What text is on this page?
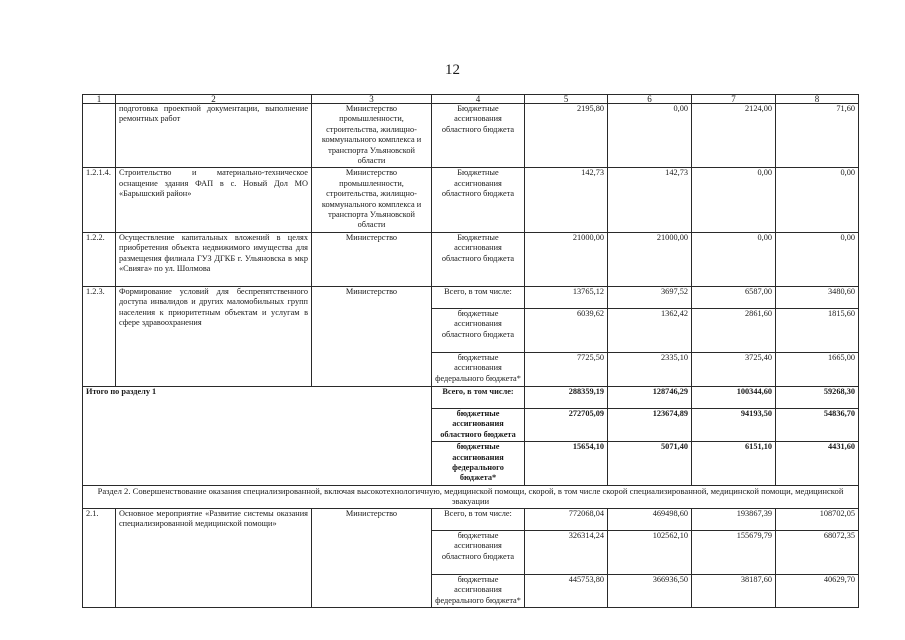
12
1	2	3	4	5	6	7	8
	подготовка проектной документации, выполнение ремонтных работ	Министерство промышленности, строительства, жилищно-коммунального комплекса и транспорта Ульяновской области	Бюджетные ассигнования областного бюджета	2195,80	0,00	2124,00	71,60
1.2.1.4.	Строительство и материально-техническое оснащение здания ФАП в с. Новый Дол МО «Барышский район»	Министерство промышленности, строительства, жилищно-коммунального комплекса и транспорта Ульяновской области	Бюджетные ассигнования областного бюджета	142,73	142,73	0,00	0,00
1.2.2.	Осуществление капитальных вложений в целях приобретения объекта недвижимого имущества для размещения филиала ГУЗ ДГКБ г. Ульяновска в мкр «Свияга» по ул. Шолмова	Министерство	Бюджетные ассигнования областного бюджета	21000,00	21000,00	0,00	0,00
1.2.3.	Формирование условий для беспрепятственного доступа инвалидов и других маломобильных групп населения к приоритетным объектам и услугам в сфере здравоохранения	Министерство	Всего, в том числе:	13765,12	3697,52	6587,00	3480,60
			бюджетные ассигнования областного бюджета	6039,62	1362,42	2861,60	1815,60
			бюджетные ассигнования федерального бюджета*	7725,50	2335,10	3725,40	1665,00
Итого по разделу 1			Всего, в том числе:	288359,19	128746,29	100344,60	59268,30
			бюджетные ассигнования областного бюджета	272705,09	123674,89	94193,50	54836,70
			бюджетные ассигнования федерального бюджета*	15654,10	5071,40	6151,10	4431,60
Раздел 2. Совершенствование оказания специализированной, включая высокотехнологичную, медицинской помощи, скорой, в том числе скорой специализированной, медицинской помощи, медицинской эвакуации							
2.1.	Основное мероприятие «Развитие системы оказания специализированной медицинской помощи»	Министерство	Всего, в том числе:	772068,04	469498,60	193867,39	108702,05
			бюджетные ассигнования областного бюджета	326314,24	102562,10	155679,79	68072,35
			бюджетные ассигнования федерального бюджета*	445753,80	366936,50	38187,60	40629,70
